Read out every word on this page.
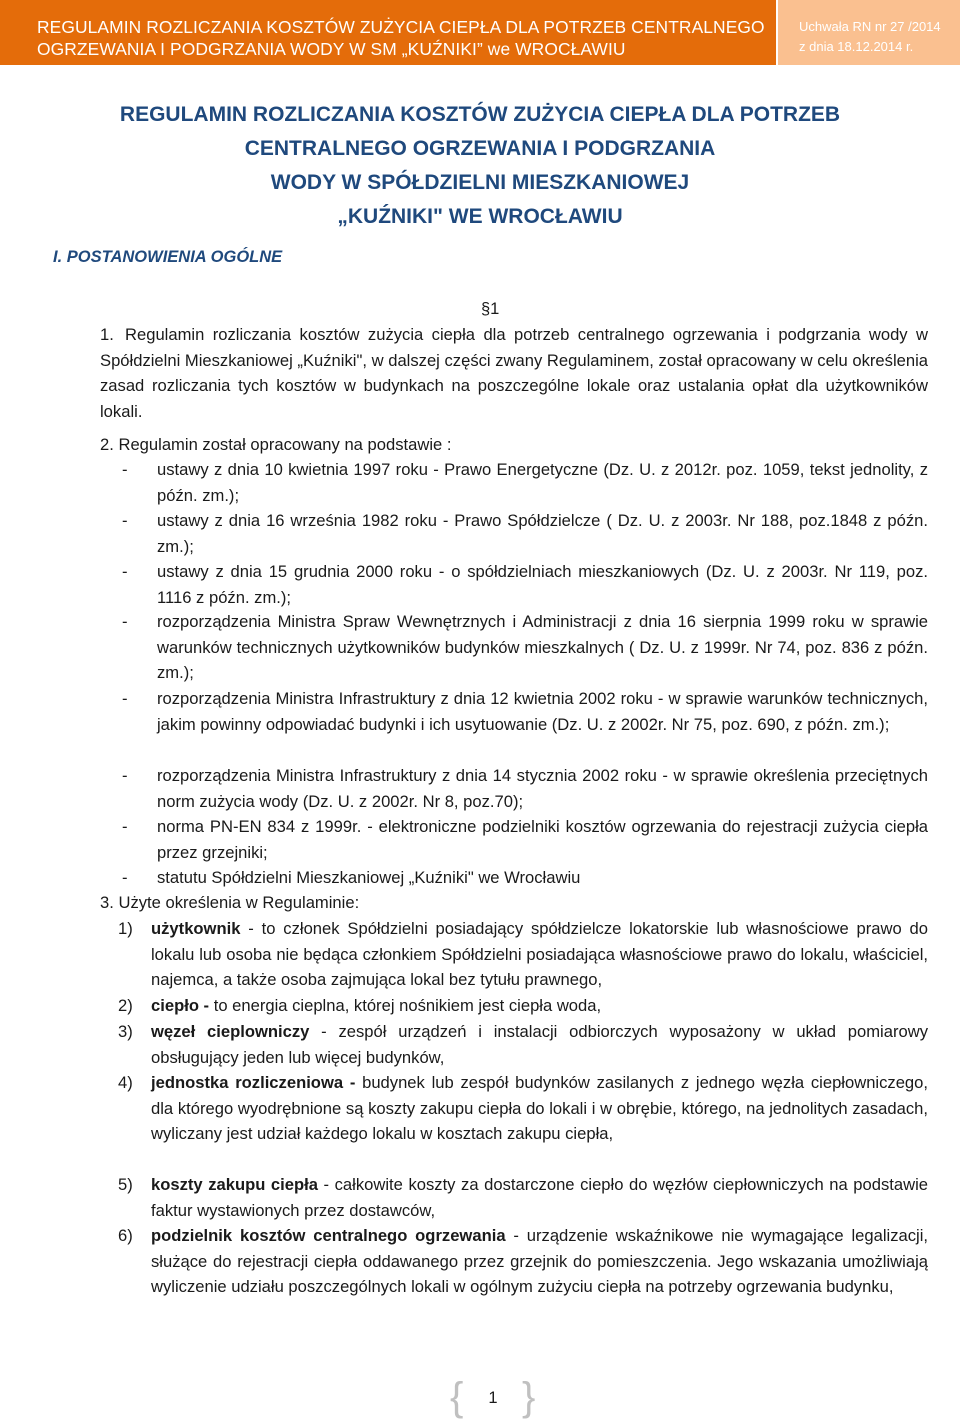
REGULAMIN ROZLICZANIA KOSZTÓW ZUŻYCIA CIEPŁA DLA POTRZEB CENTRALNEGO
OGRZEWANIA I PODGRZANIA WODY W SM „KUŹNIKI” we WROCŁAWIU
Uchwała RN nr 27 /2014
z dnia 18.12.2014 r.
REGULAMIN ROZLICZANIA KOSZTÓW ZUŻYCIA CIEPŁA DLA POTRZEB
CENTRALNEGO OGRZEWANIA I PODGRZANIA
WODY W SPÓŁDZIELNI MIESZKANIOWEJ
„KUŹNIKI" WE WROCŁAWIU
I. POSTANOWIENIA OGÓLNE
§1
1. Regulamin rozliczania kosztów zużycia ciepła dla potrzeb centralnego ogrzewania i podgrzania wody w Spółdzielni Mieszkaniowej „Kuźniki", w dalszej części zwany Regulaminem, został opracowany w celu określenia zasad rozliczania tych kosztów w budynkach na poszczególne lokale oraz ustalania opłat dla użytkowników lokali.
2. Regulamin został opracowany na podstawie :
- ustawy z dnia 10 kwietnia 1997 roku - Prawo Energetyczne (Dz. U. z 2012r. poz. 1059, tekst jednolity, z późn. zm.);
- ustawy z dnia 16 września 1982 roku - Prawo Spółdzielcze ( Dz. U. z 2003r. Nr 188, poz.1848 z późn. zm.);
- ustawy z dnia 15 grudnia 2000 roku - o spółdzielniach mieszkaniowych (Dz. U. z 2003r. Nr 119, poz. 1116 z późn. zm.);
- rozporządzenia Ministra Spraw Wewnętrznych i Administracji z dnia 16 sierpnia 1999 roku w sprawie warunków technicznych użytkowników budynków mieszkalnych ( Dz. U. z 1999r. Nr 74, poz. 836 z późn. zm.);
- rozporządzenia Ministra Infrastruktury z dnia 12 kwietnia 2002 roku - w sprawie warunków technicznych, jakim powinny odpowiadać budynki i ich usytuowanie (Dz. U. z 2002r. Nr 75, poz. 690, z późn. zm.);
- rozporządzenia Ministra Infrastruktury z dnia 14 stycznia 2002 roku - w sprawie określenia przeciętnych norm zużycia wody (Dz. U. z 2002r. Nr 8, poz.70);
- norma PN-EN 834 z 1999r. - elektroniczne podzielniki kosztów ogrzewania do rejestracji zużycia ciepła przez grzejniki;
- statutu Spółdzielni Mieszkaniowej „Kuźniki" we Wrocławiu
3. Użyte określenia w Regulaminie:
1)	użytkownik - to członek Spółdzielni posiadający spółdzielcze lokatorskie lub własnościowe prawo do lokalu lub osoba nie będąca członkiem Spółdzielni posiadająca własnościowe prawo do lokalu, właściciel, najemca, a także osoba zajmująca lokal bez tytułu prawnego,
2)	ciepło - to energia cieplna, której nośnikiem jest ciepła woda,
3)	węzeł cieplowniczy - zespół urządzeń i instalacji odbiorczych wyposażony w układ pomiarowy obsługujący jeden lub więcej budynków,
4)	jednostka rozliczeniowa - budynek lub zespół budynków zasilanych z jednego węzła ciepłowniczego, dla którego wyodrębnione są koszty zakupu ciepła do lokali i w obrębie, którego, na jednolitych zasadach, wyliczany jest udział każdego lokalu w kosztach zakupu ciepła,
5)	koszty zakupu ciepła - całkowite koszty za dostarczone ciepło do węzłów ciepłowniczych na podstawie faktur wystawionych przez dostawców,
6)	podzielnik kosztów centralnego ogrzewania - urządzenie wskaźnikowe nie wymagające legalizacji, służące do rejestracji ciepła oddawanego przez grzejnik do pomieszczenia. Jego wskazania umożliwiają wyliczenie udziału poszczególnych lokali w ogólnym zużyciu ciepła na potrzeby ogrzewania budynku,
{	1 }
